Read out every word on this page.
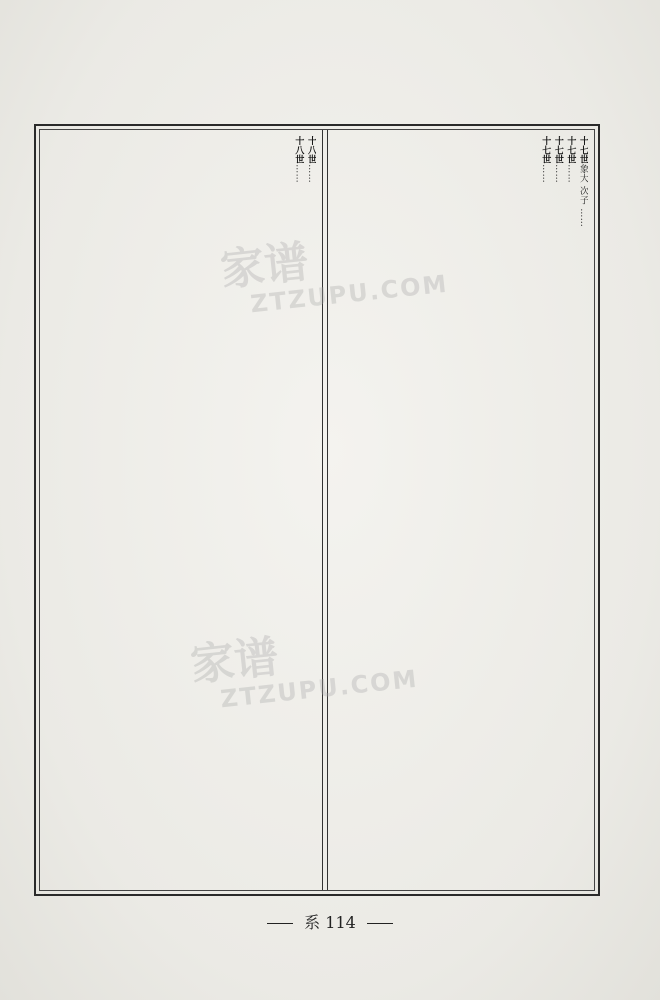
十七世象大 次子 ……
十七世……
十七世……
十七世……
十八世……
十八世……
家谱
ZTZUPU.COM
家谱
ZTZUPU.COM
系 114
